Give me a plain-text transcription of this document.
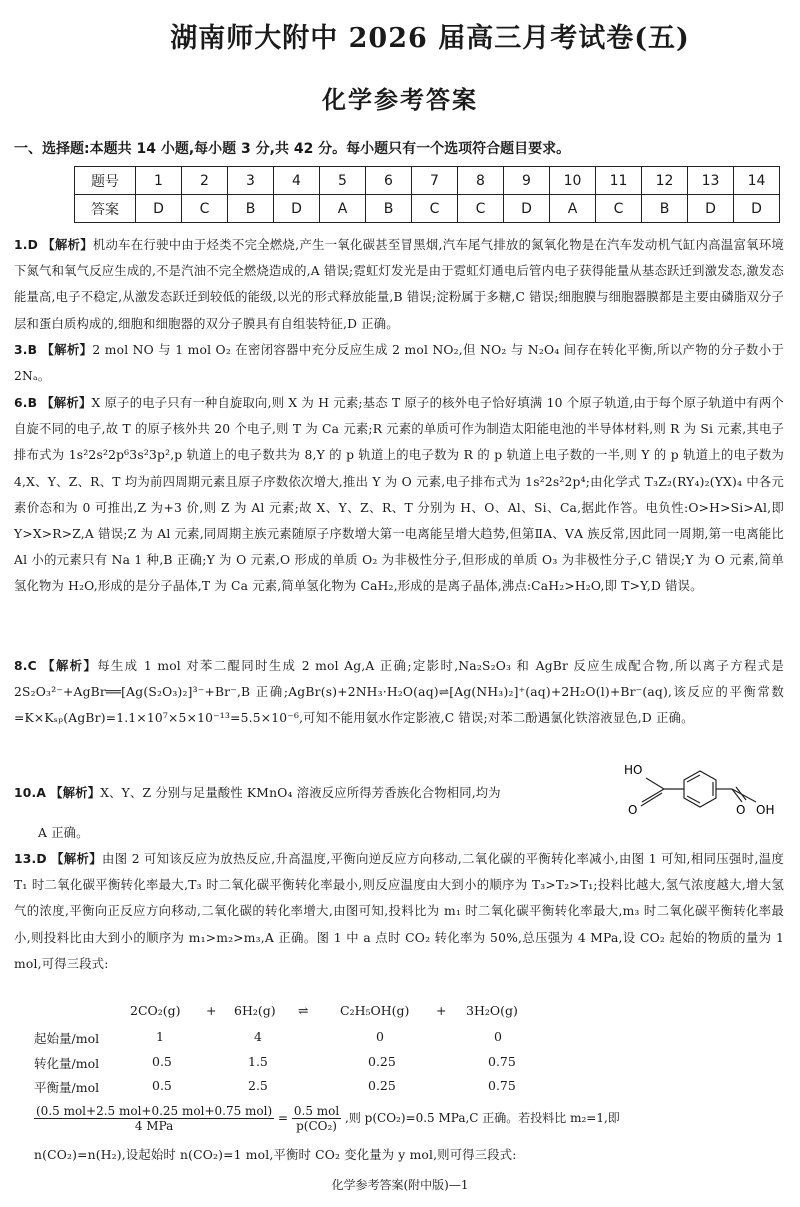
湖南师大附中 2026 届高三月考试卷(五)
化学参考答案
一、选择题:本题共 14 小题,每小题 3 分,共 42 分。每小题只有一个选项符合题目要求。
题号	1	2	3	4	5	6	7	8	9	10	11	12	13	14
答案	D	C	B	D	A	B	C	C	D	A	C	B	D	D
1.D 【解析】机动车在行驶中由于烃类不完全燃烧,产生一氧化碳甚至冒黑烟,汽车尾气排放的氮氧化物是在汽车发动机气缸内高温富氧环境下氮气和氧气反应生成的,不是汽油不完全燃烧造成的,A 错误;霓虹灯发光是由于霓虹灯通电后管内电子获得能量从基态跃迁到激发态,激发态能量高,电子不稳定,从激发态跃迁到较低的能级,以光的形式释放能量,B 错误;淀粉属于多糖,C 错误;细胞膜与细胞器膜都是主要由磷脂双分子层和蛋白质构成的,细胞和细胞器的双分子膜具有自组装特征,D 正确。
3.B 【解析】2 mol NO 与 1 mol O₂ 在密闭容器中充分反应生成 2 mol NO₂,但 NO₂ 与 N₂O₄ 间存在转化平衡,所以产物的分子数小于 2Nₐ。
6.B 【解析】X 原子的电子只有一种自旋取向,则 X 为 H 元素;基态 T 原子的核外电子恰好填满 10 个原子轨道,由于每个原子轨道中有两个自旋不同的电子,故 T 的原子核外共 20 个电子,则 T 为 Ca 元素;R 元素的单质可作为制造太阳能电池的半导体材料,则 R 为 Si 元素,其电子排布式为 1s²2s²2p⁶3s²3p²,p 轨道上的电子数共为 8,Y 的 p 轨道上的电子数为 R 的 p 轨道上电子数的一半,则 Y 的 p 轨道上的电子数为 4,X、Y、Z、R、T 均为前四周期元素且原子序数依次增大,推出 Y 为 O 元素,电子排布式为 1s²2s²2p⁴;由化学式 T₃Z₂(RY₄)₂(YX)₄ 中各元素价态和为 0 可推出,Z 为+3 价,则 Z 为 Al 元素;故 X、Y、Z、R、T 分别为 H、O、Al、Si、Ca,据此作答。电负性:O>H>Si>Al,即 Y>X>R>Z,A 错误;Z 为 Al 元素,同周期主族元素随原子序数增大第一电离能呈增大趋势,但第ⅡA、ⅤA 族反常,因此同一周期,第一电离能比 Al 小的元素只有 Na 1 种,B 正确;Y 为 O 元素,O 形成的单质 O₂ 为非极性分子,但形成的单质 O₃ 为非极性分子,C 错误;Y 为 O 元素,简单氢化物为 H₂O,形成的是分子晶体,T 为 Ca 元素,简单氢化物为 CaH₂,形成的是离子晶体,沸点:CaH₂>H₂O,即 T>Y,D 错误。
8.C 【解析】每生成 1 mol 对苯二醌同时生成 2 mol Ag,A 正确;定影时,Na₂S₂O₃ 和 AgBr 反应生成配合物,所以离子方程式是 2S₂O₃²⁻+AgBr══[Ag(S₂O₃)₂]³⁻+Br⁻,B 正确;AgBr(s)+2NH₃·H₂O(aq)⇌[Ag(NH₃)₂]⁺(aq)+2H₂O(l)+Br⁻(aq),该反应的平衡常数=K×Kₛₚ(AgBr)=1.1×10⁷×5×10⁻¹³=5.5×10⁻⁶,可知不能用氨水作定影液,C 错误;对苯二酚遇氯化铁溶液显色,D 正确。
10.A 【解析】X、Y、Z 分别与足量酸性 KMnO₄ 溶液反应所得芳香族化合物相同,均为
HO
O	O OH
A 正确。
13.D 【解析】由图 2 可知该反应为放热反应,升高温度,平衡向逆反应方向移动,二氧化碳的平衡转化率减小,由图 1 可知,相同压强时,温度 T₁ 时二氧化碳平衡转化率最大,T₃ 时二氧化碳平衡转化率最小,则反应温度由大到小的顺序为 T₃>T₂>T₁;投料比越大,氢气浓度越大,增大氢气的浓度,平衡向正反应方向移动,二氧化碳的转化率增大,由图可知,投料比为 m₁ 时二氧化碳平衡转化率最大,m₃ 时二氧化碳平衡转化率最小,则投料比由大到小的顺序为 m₁>m₂>m₃,A 正确。图 1 中 a 点时 CO₂ 转化率为 50%,总压强为 4 MPa,设 CO₂ 起始的物质的量为 1 mol,可得三段式:
2CO₂(g) + 6H₂(g) ⇌	C₂H₅OH(g) + 3H₂O(g)
起始量/mol	1	4	0	0
转化量/mol	0.5	1.5	0.25	0.75
平衡量/mol	0.5	2.5	0.25	0.75
$\frac{\text{(0.5 mol+2.5 mol+0.25 mol+0.75 mol)}}{\text{4 MPa}} = \frac{\text{0.5 mol}}{\text{p(CO₂)}}$ ,则 p(CO₂)=0.5 MPa,C 正确。若投料比 m₂=1,即
n(CO₂)=n(H₂),设起始时 n(CO₂)=1 mol,平衡时 CO₂ 变化量为 y mol,则可得三段式:
化学参考答案(附中版)—1
